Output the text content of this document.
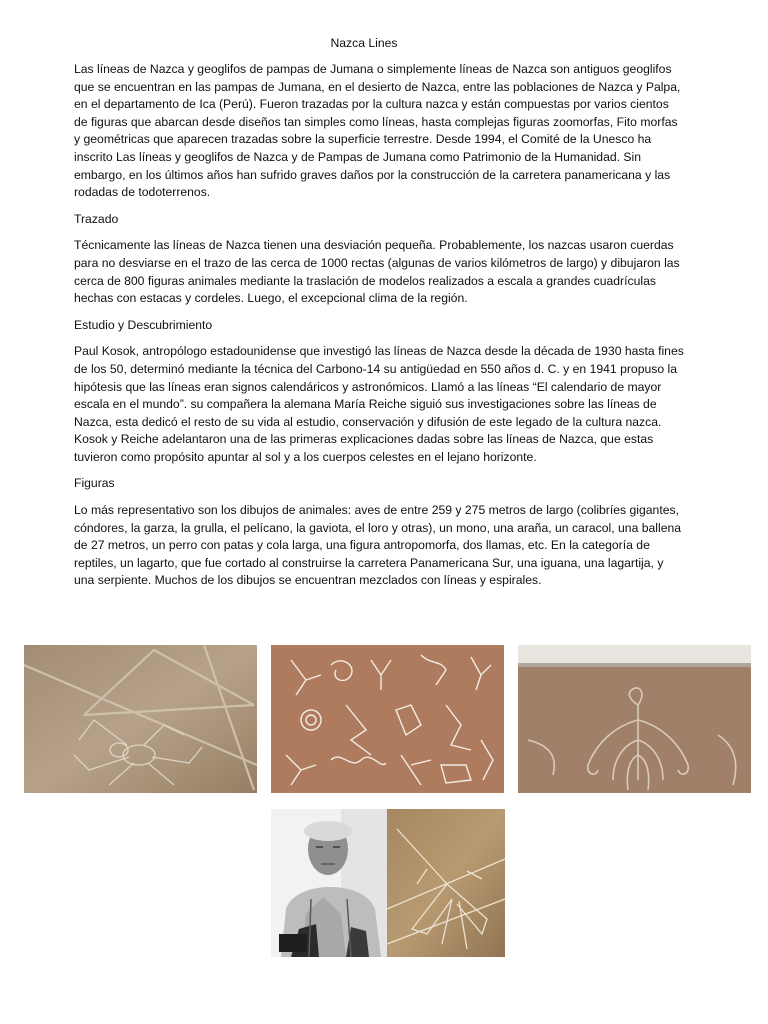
Nazca Lines

Las líneas de Nazca y geoglifos de pampas de Jumana o simplemente líneas de Nazca son antiguos geoglifos que se encuentran en las pampas de Jumana, en el desierto de Nazca, entre las poblaciones de Nazca y Palpa, en el departamento de Ica (Perú). Fueron trazadas por la cultura nazca y están compuestas por varios cientos de figuras que abarcan desde diseños tan simples como líneas, hasta complejas figuras zoomorfas, Fito morfas y geométricas que aparecen trazadas sobre la superficie terrestre. Desde 1994, el Comité de la Unesco ha inscrito Las líneas y geoglifos de Nazca y de Pampas de Jumana como Patrimonio de la Humanidad. Sin embargo, en los últimos años han sufrido graves daños por la construcción de la carretera panamericana y las rodadas de todoterrenos.

Trazado

Técnicamente las líneas de Nazca tienen una desviación pequeña. Probablemente, los nazcas usaron cuerdas para no desviarse en el trazo de las cerca de 1000 rectas (algunas de varios kilómetros de largo) y dibujaron las cerca de 800 figuras animales mediante la traslación de modelos realizados a escala a grandes cuadrículas hechas con estacas y cordeles. Luego, el excepcional clima de la región.

Estudio y Descubrimiento

Paul Kosok, antropólogo estadounidense que investigó las líneas de Nazca desde la década de 1930 hasta fines de los 50, determinó mediante la técnica del Carbono-14 su antigüedad en 550 años d. C. y en 1941 propuso la hipótesis que las líneas eran signos calendáricos y astronómicos. Llamó a las líneas “El calendario de mayor escala en el mundo”. su compañera la alemana María Reiche siguió sus investigaciones sobre las líneas de Nazca, esta dedicó el resto de su vida al estudio, conservación y difusión de este legado de la cultura nazca. Kosok y Reiche adelantaron una de las primeras explicaciones dadas sobre las líneas de Nazca, que estas tuvieron como propósito apuntar al sol y a los cuerpos celestes en el lejano horizonte.

Figuras

Lo más representativo son los dibujos de animales: aves de entre 259 y 275 metros de largo (colibríes gigantes, cóndores, la garza, la grulla, el pelícano, la gaviota, el loro y otras), un mono, una araña, un caracol, una ballena de 27 metros, un perro con patas y cola larga, una figura antropomorfa, dos llamas, etc. En la categoría de reptiles, un lagarto, que fue cortado al construirse la carretera Panamericana Sur, una iguana, una lagartija, y una serpiente. Muchos de los dibujos se encuentran mezclados con líneas y espirales.
